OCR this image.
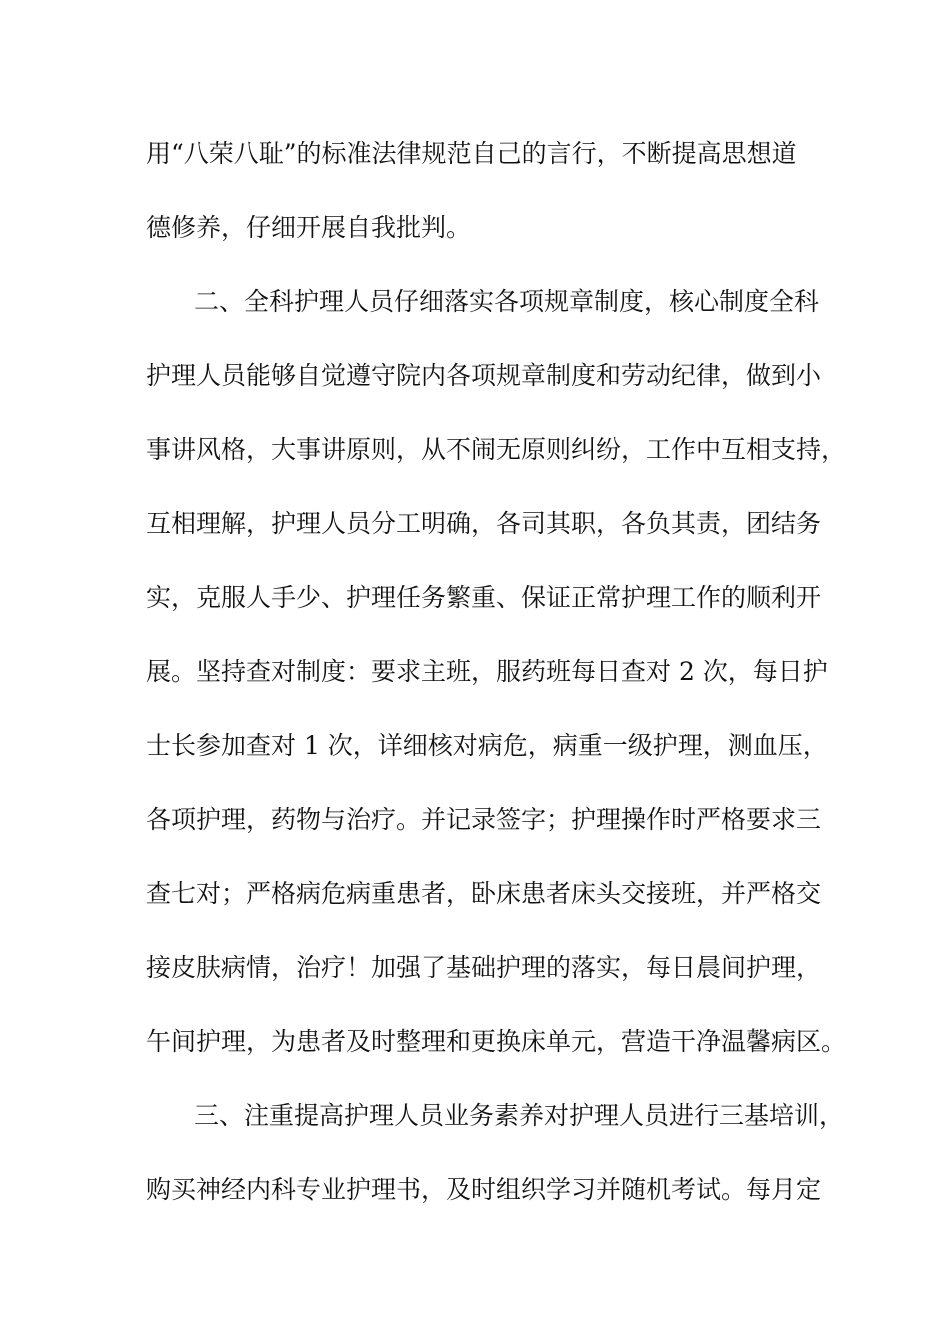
用“八荣八耻”的标准法律规范自己的言行，不断提高思想道
德修养，仔细开展自我批判。
二、全科护理人员仔细落实各项规章制度，核心制度全科
护理人员能够自觉遵守院内各项规章制度和劳动纪律，做到小
事讲风格，大事讲原则，从不闹无原则纠纷，工作中互相支持，
互相理解，护理人员分工明确，各司其职，各负其责，团结务
实，克服人手少、护理任务繁重、保证正常护理工作的顺利开
展。坚持查对制度：要求主班，服药班每日查对 2 次，每日护
士长参加查对 1 次，详细核对病危，病重一级护理，测血压，
各项护理，药物与治疗。并记录签字；护理操作时严格要求三
查七对；严格病危病重患者，卧床患者床头交接班，并严格交
接皮肤病情，治疗！加强了基础护理的落实，每日晨间护理，
午间护理，为患者及时整理和更换床单元，营造干净温馨病区。
三、注重提高护理人员业务素养对护理人员进行三基培训，
购买神经内科专业护理书，及时组织学习并随机考试。每月定
